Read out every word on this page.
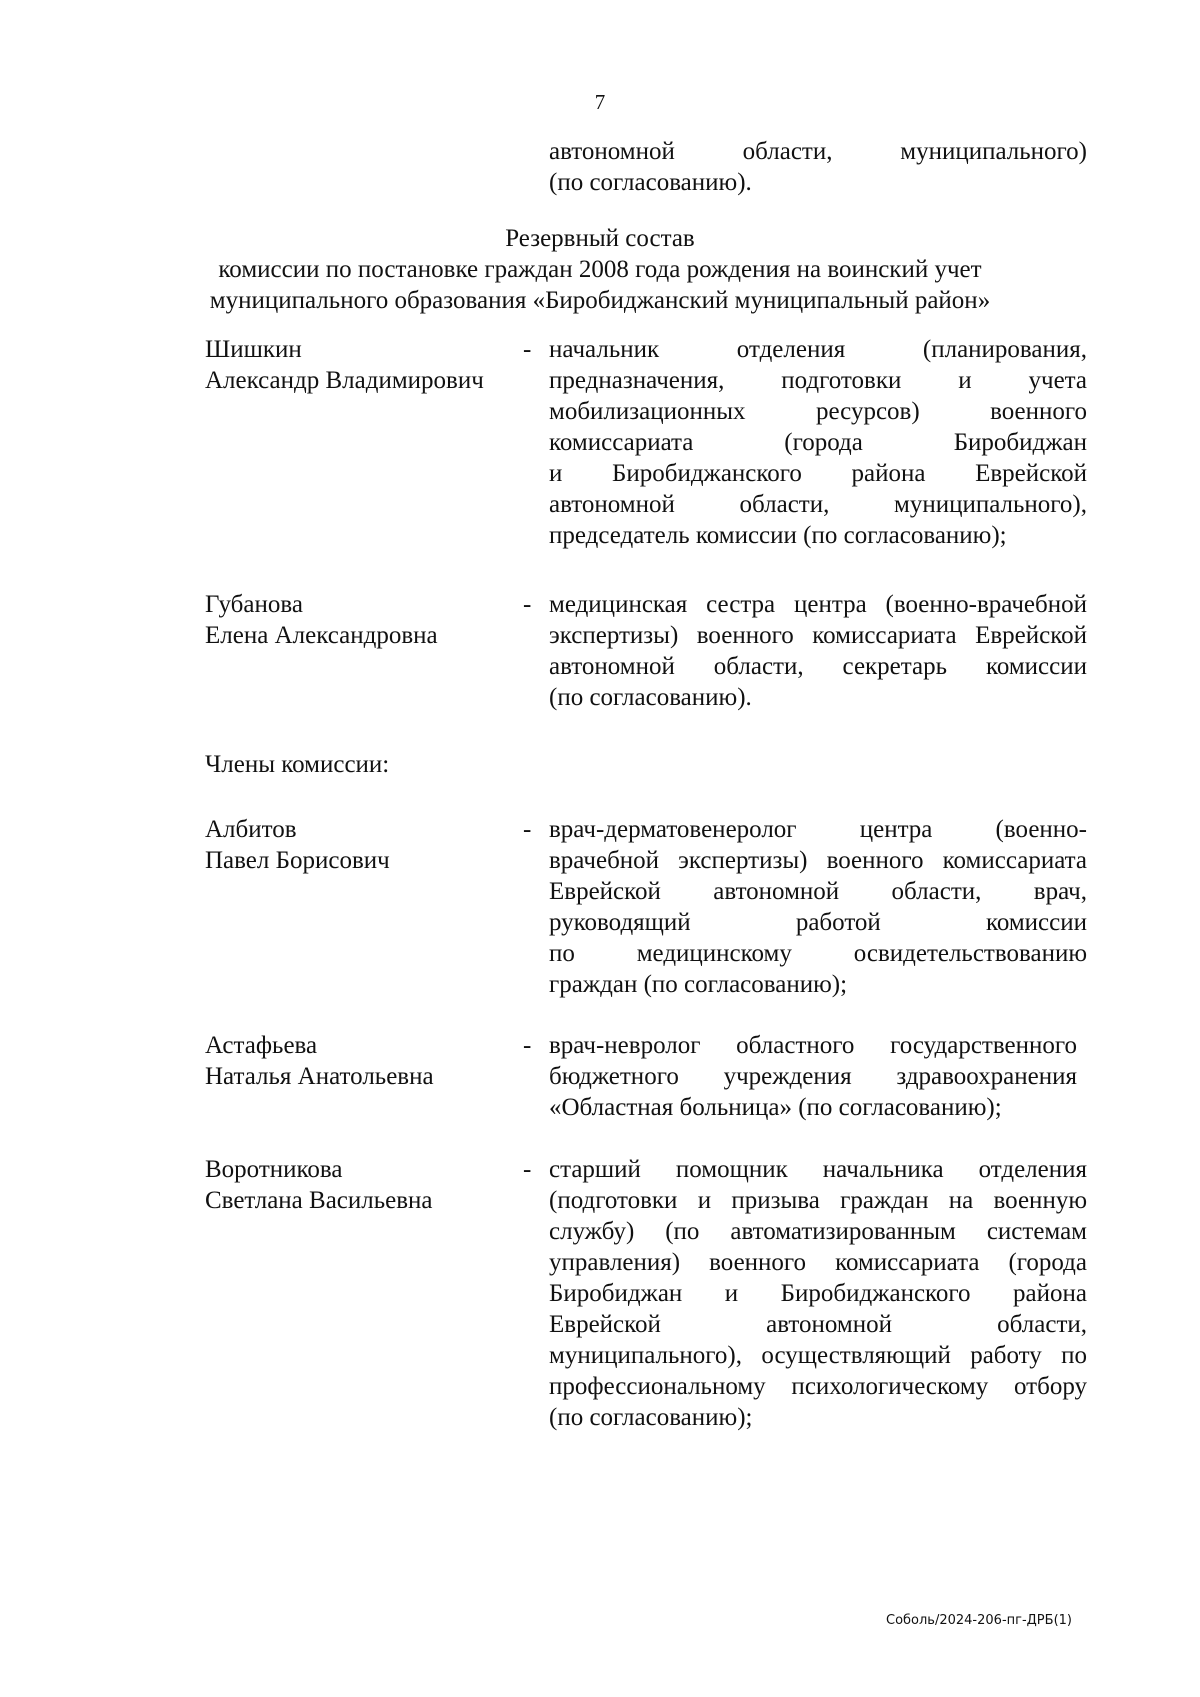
7
автономной области, муниципального)
(по согласованию).
Резервный состав
комиссии по постановке граждан 2008 года рождения на воинский учет
муниципального образования «Биробиджанский муниципальный район»
Шишкин
Александр Владимирович
- начальник отделения (планирования,
предназначения, подготовки и учета
мобилизационных ресурсов) военного
комиссариата (города Биробиджан
и Биробиджанского района Еврейской
автономной области, муниципального),
председатель комиссии (по согласованию);
Губанова
Елена Александровна
- медицинская сестра центра (военно-врачебной
экспертизы) военного комиссариата Еврейской
автономной области, секретарь комиссии
(по согласованию).
Члены комиссии:
Албитов
Павел Борисович
- врач-дерматовенеролог центра (военно-
врачебной экспертизы) военного комиссариата
Еврейской автономной области, врач,
руководящий работой комиссии
по медицинскому освидетельствованию
граждан (по согласованию);
Астафьева
Наталья Анатольевна
- врач-невролог областного государственного
бюджетного учреждения здравоохранения
«Областная больница» (по согласованию);
Воротникова
Светлана Васильевна
- старший помощник начальника отделения
(подготовки и призыва граждан на военную
службу) (по автоматизированным системам
управления) военного комиссариата (города
Биробиджан и Биробиджанского района
Еврейской автономной области,
муниципального), осуществляющий работу по
профессиональному психологическому отбору
(по согласованию);
Соболь/2024-206-пг-ДРБ(1)
